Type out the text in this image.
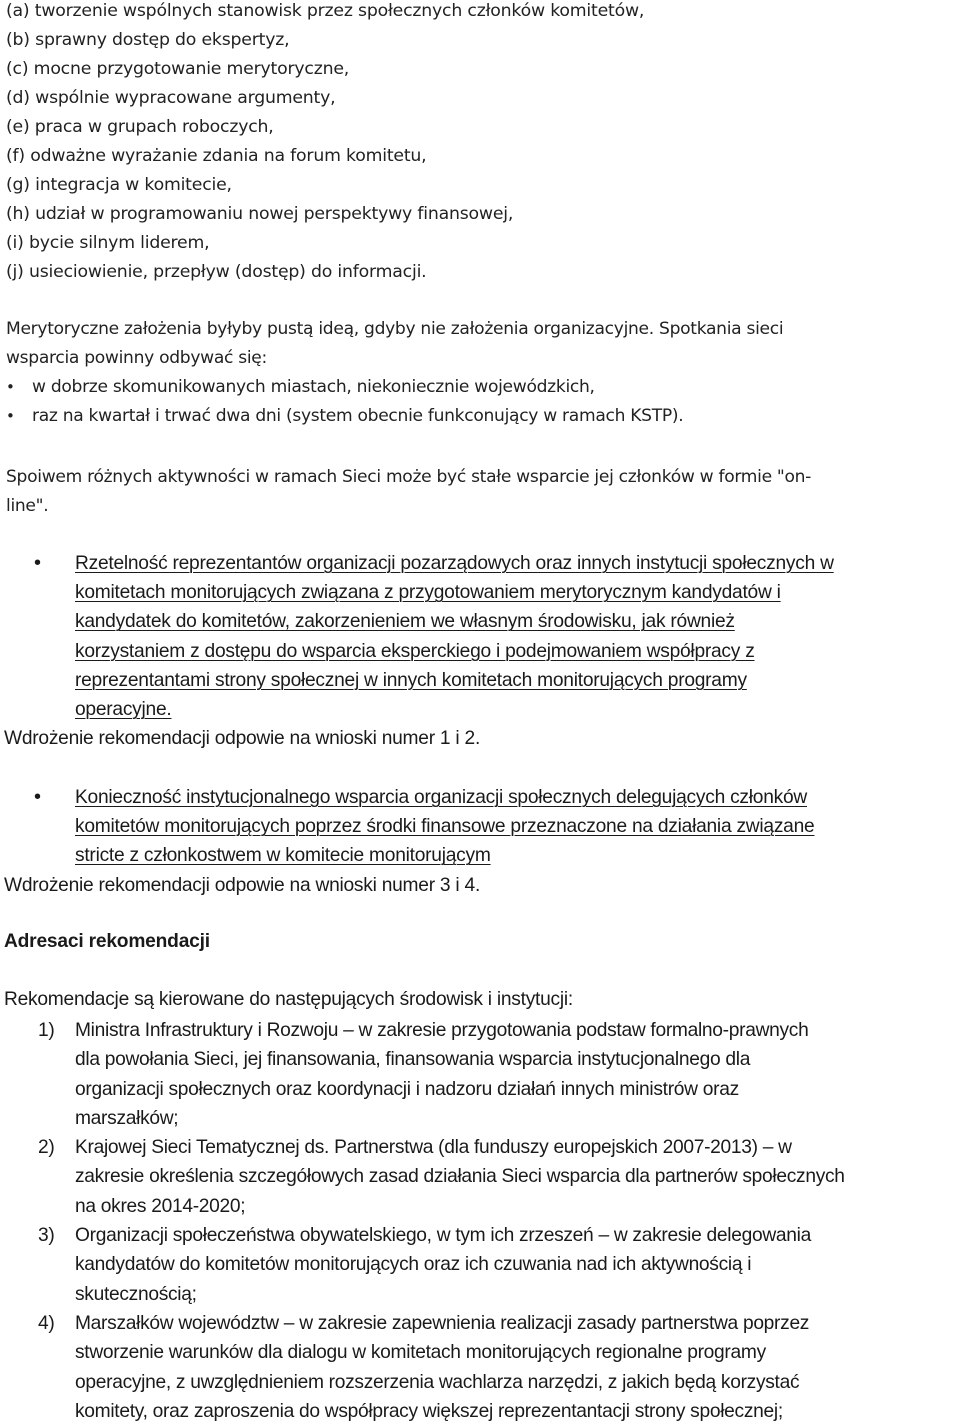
(a) tworzenie wspólnych stanowisk przez społecznych członków komitetów,
(b) sprawny dostęp do ekspertyz,
(c) mocne przygotowanie merytoryczne,
(d) wspólnie wypracowane argumenty,
(e) praca w grupach roboczych,
(f) odważne wyrażanie zdania na forum komitetu,
(g) integracja w komitecie,
(h) udział w programowaniu nowej perspektywy finansowej,
(i) bycie silnym liderem,
(j) usieciowienie, przepływ (dostęp) do informacji.
Merytoryczne założenia byłyby pustą ideą, gdyby nie założenia organizacyjne. Spotkania sieci
wsparcia powinny odbywać się:
• w dobrze skomunikowanych miastach, niekoniecznie wojewódzkich,
• raz na kwartał i trwać dwa dni (system obecnie funkconujący w ramach KSTP).
Spoiwem różnych aktywności w ramach Sieci może być stałe wsparcie jej członków w formie "on-
line".
• Rzetelność reprezentantów organizacji pozarządowych oraz innych instytucji społecznych w
komitetach monitorujących związana z przygotowaniem merytorycznym kandydatów i
kandydatek do komitetów, zakorzenieniem we własnym środowisku, jak również
korzystaniem z dostępu do wsparcia eksperckiego i podejmowaniem współpracy z
reprezentantami strony społecznej w innych komitetach monitorujących programy
operacyjne.
Wdrożenie rekomendacji odpowie na wnioski numer 1 i 2.
• Konieczność instytucjonalnego wsparcia organizacji społecznych delegujących członków
komitetów monitorujących poprzez środki finansowe przeznaczone na działania związane
stricte z członkostwem w komitecie monitorującym
Wdrożenie rekomendacji odpowie na wnioski numer 3 i 4.
Adresaci rekomendacji
Rekomendacje są kierowane do następujących środowisk i instytucji:
1) Ministra Infrastruktury i Rozwoju – w zakresie przygotowania podstaw formalno-prawnych
dla powołania Sieci, jej finansowania, finansowania wsparcia instytucjonalnego dla
organizacji społecznych oraz koordynacji i nadzoru działań innych ministrów oraz
marszałków;
2) Krajowej Sieci Tematycznej ds. Partnerstwa (dla funduszy europejskich 2007-2013) – w
zakresie określenia szczegółowych zasad działania Sieci wsparcia dla partnerów społecznych
na okres 2014-2020;
3) Organizacji społeczeństwa obywatelskiego, w tym ich zrzeszeń – w zakresie delegowania
kandydatów do komitetów monitorujących oraz ich czuwania nad ich aktywnością i
skutecznością;
4) Marszałków województw – w zakresie zapewnienia realizacji zasady partnerstwa poprzez
stworzenie warunków dla dialogu w komitetach monitorujących regionalne programy
operacyjne, z uwzględnieniem rozszerzenia wachlarza narzędzi, z jakich będą korzystać
komitety, oraz zaproszenia do współpracy większej reprezentantacji strony społecznej;
